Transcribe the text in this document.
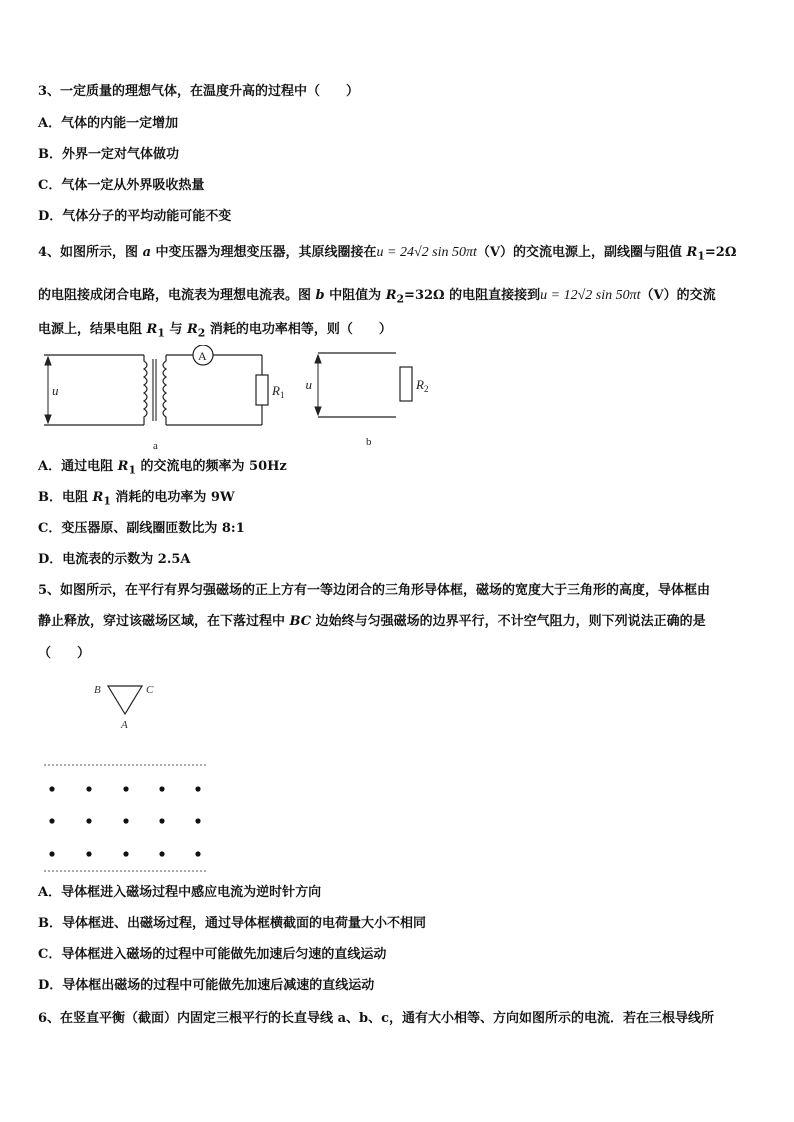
3、一定质量的理想气体，在温度升高的过程中（　　）
A．气体的内能一定增加
B．外界一定对气体做功
C．气体一定从外界吸收热量
D．气体分子的平均动能可能不变
4、如图所示，图 a 中变压器为理想变压器，其原线圈接在u = 24√2 sin 50πt（V）的交流电源上，副线圈与阻值 $R_1=2\Omega$
的电阻接成闭合电路，电流表为理想电流表。图 b 中阻值为 $R_2=32\Omega$ 的电阻直接接到u = 12√2 sin 50πt（V）的交流
电源上，结果电阻 $R_1$ 与 $R_2$ 消耗的电功率相等，则（　　）
u
A
$R_1$
a
u	$R_2$
b
A．通过电阻 $R_1$ 的交流电的频率为 50Hz
B．电阻 $R_1$ 消耗的电功率为 9W
C．变压器原、副线圈匝数比为 8:1
D．电流表的示数为 2.5A
5、如图所示，在平行有界匀强磁场的正上方有一等边闭合的三角形导体框，磁场的宽度大于三角形的高度，导体框由
静止释放，穿过该磁场区域，在下落过程中 BC 边始终与匀强磁场的边界平行，不计空气阻力，则下列说法正确的是
（　　）
B	C
A
A．导体框进入磁场过程中感应电流为逆时针方向
B．导体框进、出磁场过程，通过导体框横截面的电荷量大小不相同
C．导体框进入磁场的过程中可能做先加速后匀速的直线运动
D．导体框出磁场的过程中可能做先加速后减速的直线运动
6、在竖直平衡（截面）内固定三根平行的长直导线 a、b、c，通有大小相等、方向如图所示的电流．若在三根导线所
